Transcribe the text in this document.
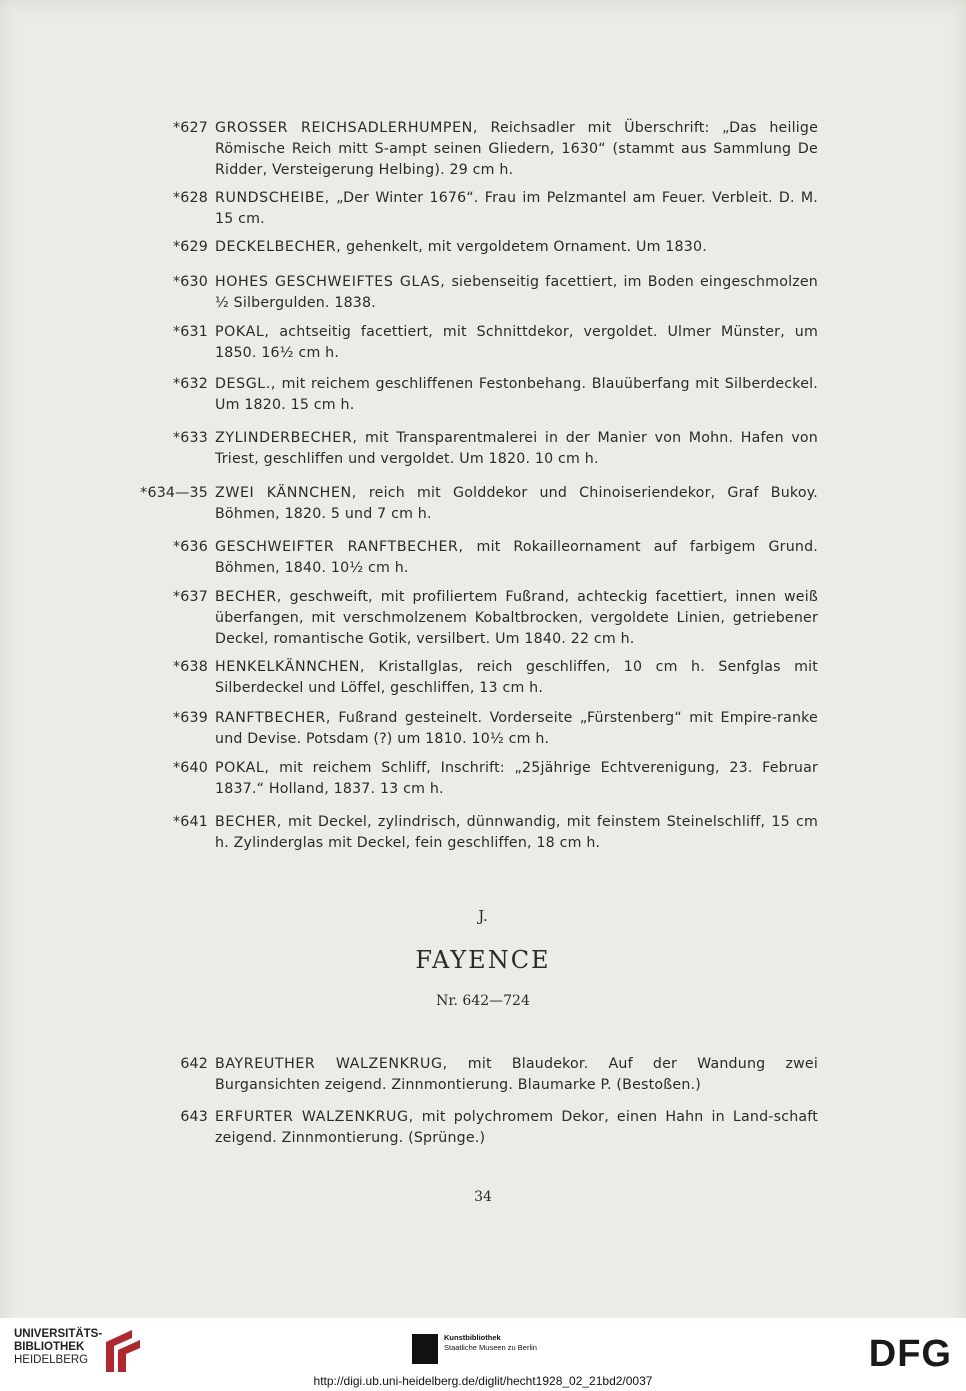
*627 GROSSER REICHSADLERHUMPEN, Reichsadler mit Überschrift: „Das heilige Römische Reich mitt S-ampt seinen Gliedern, 1630“ (stammt aus Sammlung De Ridder, Versteigerung Helbing). 29 cm h.
*628 RUNDSCHEIBE, „Der Winter 1676“. Frau im Pelzmantel am Feuer. Verbleit. D. M. 15 cm.
*629 DECKELBECHER, gehenkelt, mit vergoldetem Ornament. Um 1830.
*630 HOHES GESCHWEIFTES GLAS, siebenseitig facettiert, im Boden eingeschmolzen ½ Silbergulden. 1838.
*631 POKAL, achtseitig facettiert, mit Schnittdekor, vergoldet. Ulmer Münster, um 1850. 16½ cm h.
*632 DESGL., mit reichem geschliffenen Festonbehang. Blauüberfang mit Silberdeckel. Um 1820. 15 cm h.
*633 ZYLINDERBECHER, mit Transparentmalerei in der Manier von Mohn. Hafen von Triest, geschliffen und vergoldet. Um 1820. 10 cm h.
*634—35 ZWEI KÄNNCHEN, reich mit Golddekor und Chinoiseriendekor, Graf Bukoy. Böhmen, 1820. 5 und 7 cm h.
*636 GESCHWEIFTER RANFTBECHER, mit Rokailleornament auf farbigem Grund. Böhmen, 1840. 10½ cm h.
*637 BECHER, geschweift, mit profiliertem Fußrand, achteckig facettiert, innen weiß überfangen, mit verschmolzenem Kobaltbrocken, vergoldete Linien, getriebener Deckel, romantische Gotik, versilbert. Um 1840. 22 cm h.
*638 HENKELKÄNNCHEN, Kristallglas, reich geschliffen, 10 cm h. Senfglas mit Silberdeckel und Löffel, geschliffen, 13 cm h.
*639 RANFTBECHER, Fußrand gesteinelt. Vorderseite „Fürstenberg“ mit Empire-ranke und Devise. Potsdam (?) um 1810. 10½ cm h.
*640 POKAL, mit reichem Schliff, Inschrift: „25jährige Echtverenigung, 23. Februar 1837.“ Holland, 1837. 13 cm h.
*641 BECHER, mit Deckel, zylindrisch, dünnwandig, mit feinstem Steinelschliff, 15 cm h. Zylinderglas mit Deckel, fein geschliffen, 18 cm h.
642 BAYREUTHER WALZENKRUG, mit Blaudekor. Auf der Wandung zwei Burgansichten zeigend. Zinnmontierung. Blaumarke P. (Bestoßen.)
643 ERFURTER WALZENKRUG, mit polychromem Dekor, einen Hahn in Land-schaft zeigend. Zinnmontierung. (Sprünge.)
J.
FAYENCE
Nr. 642—724
34
UNIVERSITÄTS-
BIBLIOTHEK
HEIDELBERG
Kunstbibliothek
Staatliche Museen zu Berlin	DFG
http://digi.ub.uni-heidelberg.de/diglit/hecht1928_02_21bd2/0037
